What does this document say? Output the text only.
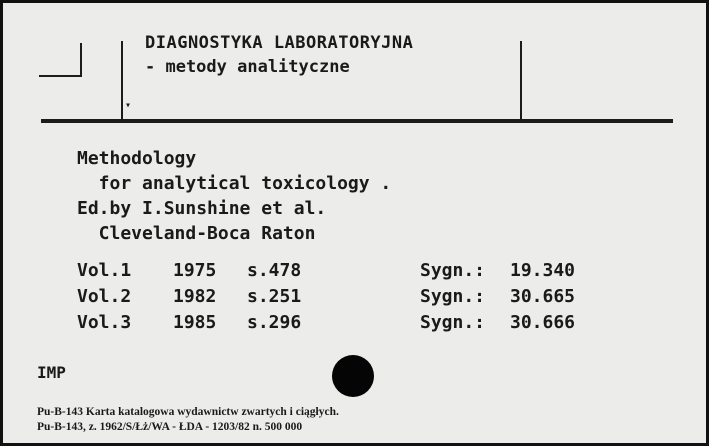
DIAGNOSTYKA LABORATORYJNA
- metody analityczne
▾
Methodology
for analytical toxicology .
Ed.by I.Sunshine et al.
Cleveland-Boca Raton
Vol.1 1975 s.478	Sygn.: 19.340
Vol.2 1982 s.251	Sygn.: 30.665
Vol.3 1985 s.296	Sygn.: 30.666
IMP
Pu-B-143 Karta katalogowa wydawnictw zwartych i ciągłych.
Pu-B-143, z. 1962/S/Łż/WA - ŁDA - 1203/82 n. 500 000
